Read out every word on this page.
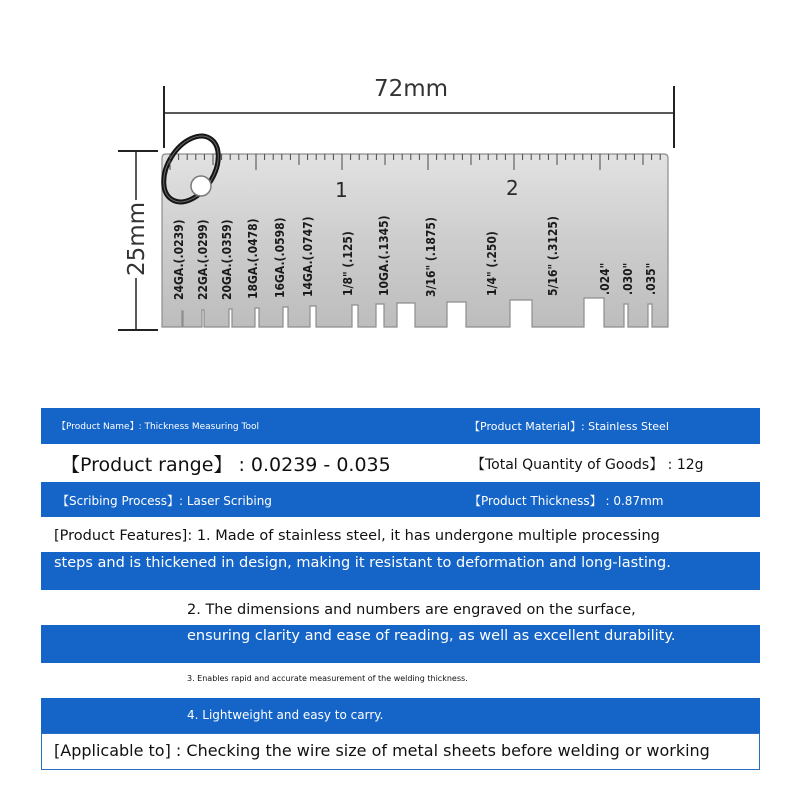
72mm
25mm
1	2
24GA.(.0239) 22GA.(.0299) 20GA.(.0359) 18GA.(.0478) 16GA.(.0598) 14GA.(.0747) 1/8" (.125) 10GA.(.1345)	3/16" (.1875)	1/4" (.250)	5/16" (.3125)	.024" .030" .035"
【Product Name】: Thickness Measuring Tool	【Product Material】: Stainless Steel
【Product range】 : 0.0239 - 0.035	【Total Quantity of Goods】 : 12g
【Scribing Process】: Laser Scribing	【Product Thickness】 : 0.87mm
[Product Features]: 1. Made of stainless steel, it has undergone multiple processing
steps and is thickened in design, making it resistant to deformation and long-lasting.
2. The dimensions and numbers are engraved on the surface,
ensuring clarity and ease of reading, as well as excellent durability.
3. Enables rapid and accurate measurement of the welding thickness.
4. Lightweight and easy to carry.
[Applicable to] : Checking the wire size of metal sheets before welding or working
